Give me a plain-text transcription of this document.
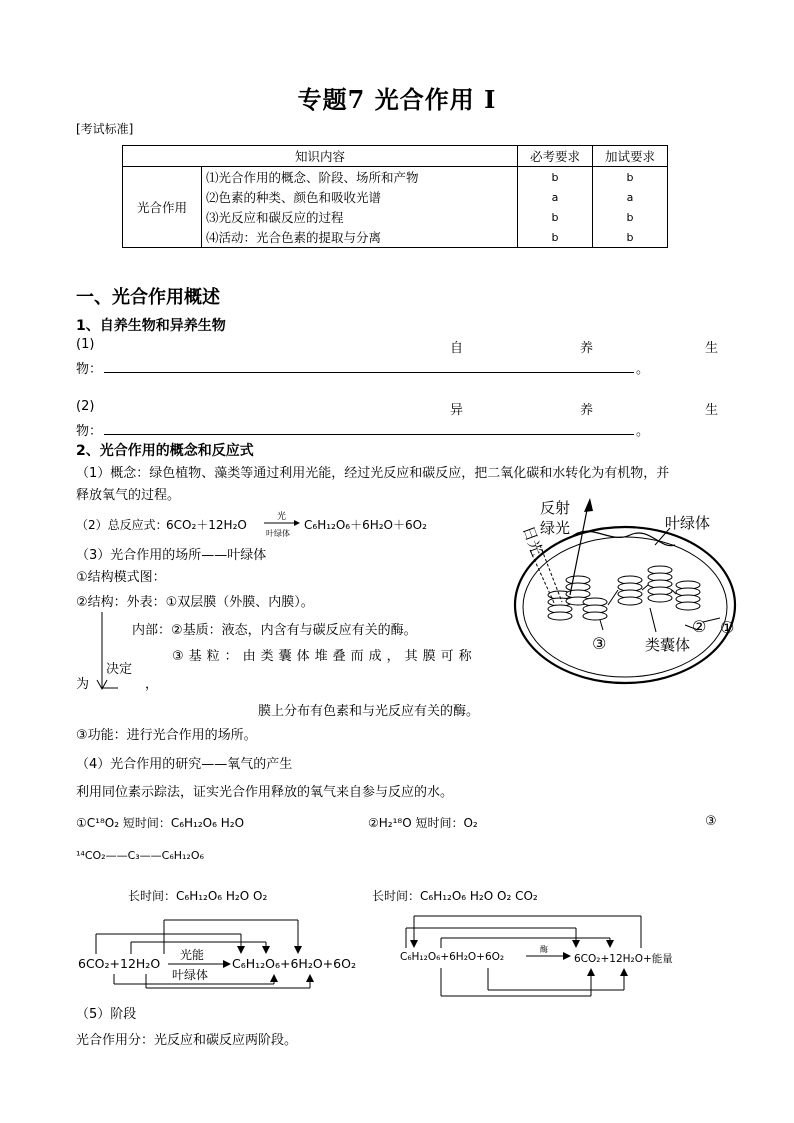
专题7 光合作用 Ⅰ
[考试标准]
知识内容		必考要求	加试要求
光合作用	⑴光合作用的概念、阶段、场所和产物	b	b
	⑵色素的种类、颜色和吸收光谱	a	a
	⑶光反应和碳反应的过程	b	b
	⑷活动：光合色素的提取与分离	b	b
一、光合作用概述
1、自养生物和异养生物
(1)	自	养	生
物：	。
(2)	异	养	生
物：	。
2、光合作用的概念和反应式
（1）概念：绿色植物、藻类等通过利用光能，经过光反应和碳反应，把二氧化碳和水转化为有机物，并
释放氧气的过程。
（2）总反应式：
6CO₂＋12H₂O
光
叶绿体
C₆H₁₂O₆＋6H₂O＋6O₂
（3）光合作用的场所——叶绿体
①结构模式图：
②结构：外表：①双层膜（外膜、内膜）。
内部：②基质：液态，内含有与碳反应有关的酶。
③基粒：由类囊体堆叠而成，其膜可称
决定
为	，
膜上分布有色素和与光反应有关的酶。
反射
绿光
日光
叶绿体
类囊体
①
②
③
③功能：进行光合作用的场所。
（4）光合作用的研究——氧气的产生
利用同位素示踪法，证实光合作用释放的氧气来自参与反应的水。
①C¹⁸O₂ 短时间：C₆H₁₂O₆ H₂O	②H₂¹⁸O 短时间：O₂	③
¹⁴CO₂——C₃——C₆H₁₂O₆
长时间：C₆H₁₂O₆ H₂O O₂	长时间：C₆H₁₂O₆ H₂O O₂ CO₂
6CO₂+12H₂O
光能
叶绿体
C₆H₁₂O₆+6H₂O+6O₂	C₆H₁₂O₆+6H₂O+6O₂
酶
6CO₂+12H₂O+能量
（5）阶段
光合作用分：光反应和碳反应两阶段。
